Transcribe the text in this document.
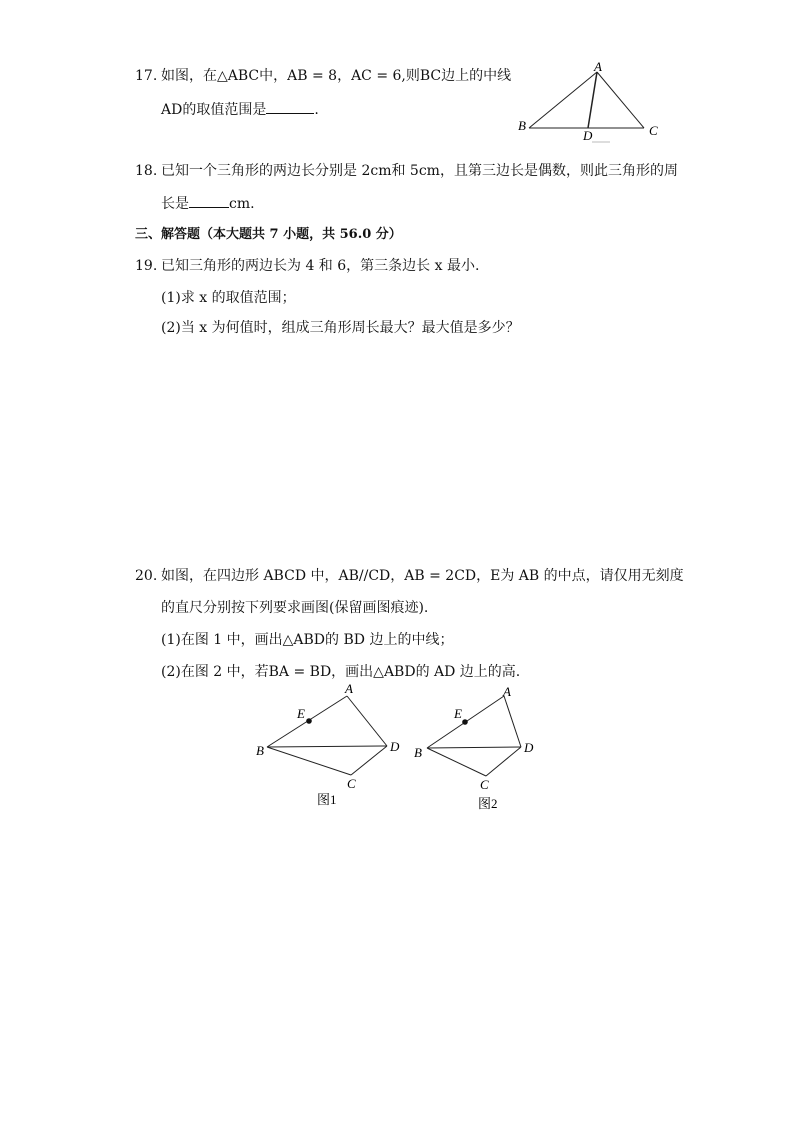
17. 如图，在△ABC中，AB = 8，AC = 6,则BC边上的中线
AD的取值范围是	.
A
B	C
D
18. 已知一个三角形的两边长分别是 2cm和 5cm，且第三边长是偶数，则此三角形的周
长是	cm.
三、解答题（本大题共 7 小题，共 56.0 分）
19. 已知三角形的两边长为 4 和 6，第三条边长 x 最小.
(1)求 x 的取值范围；
(2)当 x 为何值时，组成三角形周长最大？最大值是多少？
20. 如图，在四边形 ABCD 中，AB//CD，AB = 2CD，E为 AB 的中点，请仅用无刻度
的直尺分别按下列要求画图(保留画图痕迹).
(1)在图 1 中，画出△ABD的 BD 边上的中线；
(2)在图 2 中，若BA = BD，画出△ABD的 AD 边上的高.
A
B
C
D
E
图1
A
B
C
D
E
图2
